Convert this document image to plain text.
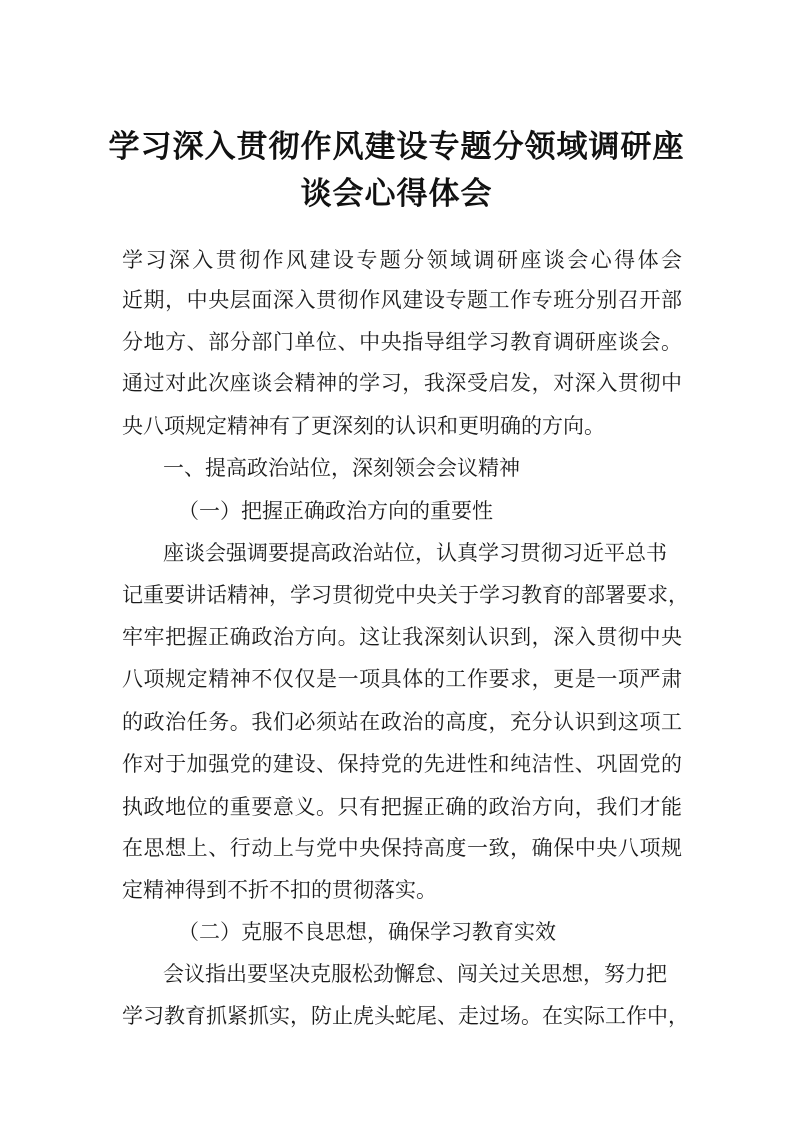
学习深入贯彻作风建设专题分领域调研座
谈会心得体会
学习深入贯彻作风建设专题分领域调研座谈会心得体会
近期，中央层面深入贯彻作风建设专题工作专班分别召开部
分地方、部分部门单位、中央指导组学习教育调研座谈会。
通过对此次座谈会精神的学习，我深受启发，对深入贯彻中
央八项规定精神有了更深刻的认识和更明确的方向。
一、提高政治站位，深刻领会会议精神
（一）把握正确政治方向的重要性
座谈会强调要提高政治站位，认真学习贯彻习近平总书
记重要讲话精神，学习贯彻党中央关于学习教育的部署要求，
牢牢把握正确政治方向。这让我深刻认识到，深入贯彻中央
八项规定精神不仅仅是一项具体的工作要求，更是一项严肃
的政治任务。我们必须站在政治的高度，充分认识到这项工
作对于加强党的建设、保持党的先进性和纯洁性、巩固党的
执政地位的重要意义。只有把握正确的政治方向，我们才能
在思想上、行动上与党中央保持高度一致，确保中央八项规
定精神得到不折不扣的贯彻落实。
（二）克服不良思想，确保学习教育实效
会议指出要坚决克服松劲懈怠、闯关过关思想，努力把
学习教育抓紧抓实，防止虎头蛇尾、走过场。在实际工作中，
